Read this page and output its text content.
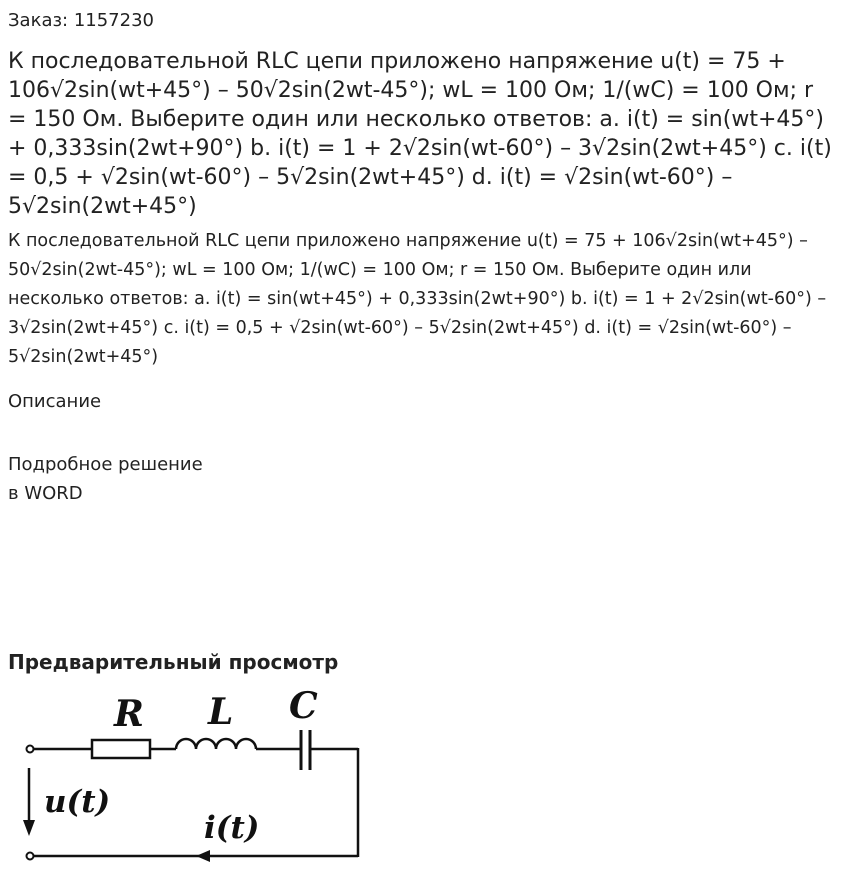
Заказ: 1157230
К последовательной RLC цепи приложено напряжение u(t) = 75 + 106√2sin(wt+45°) – 50√2sin(2wt-45°); wL = 100 Ом; 1/(wC) = 100 Ом; r = 150 Ом. Выберите один или несколько ответов: a. i(t) = sin(wt+45°) + 0,333sin(2wt+90°) b. i(t) = 1 + 2√2sin(wt-60°) – 3√2sin(2wt+45°) c. i(t) = 0,5 + √2sin(wt-60°) – 5√2sin(2wt+45°) d. i(t) = √2sin(wt-60°) – 5√2sin(2wt+45°)
К последовательной RLC цепи приложено напряжение u(t) = 75 + 106√2sin(wt+45°) – 50√2sin(2wt-45°); wL = 100 Ом; 1/(wC) = 100 Ом; r = 150 Ом. Выберите один или несколько ответов: a. i(t) = sin(wt+45°) + 0,333sin(2wt+90°) b. i(t) = 1 + 2√2sin(wt-60°) – 3√2sin(2wt+45°) c. i(t) = 0,5 + √2sin(wt-60°) – 5√2sin(2wt+45°) d. i(t) = √2sin(wt-60°) – 5√2sin(2wt+45°)
Описание
Подробное решение
в WORD
Предварительный просмотр
R L C
u(t)
i(t)
